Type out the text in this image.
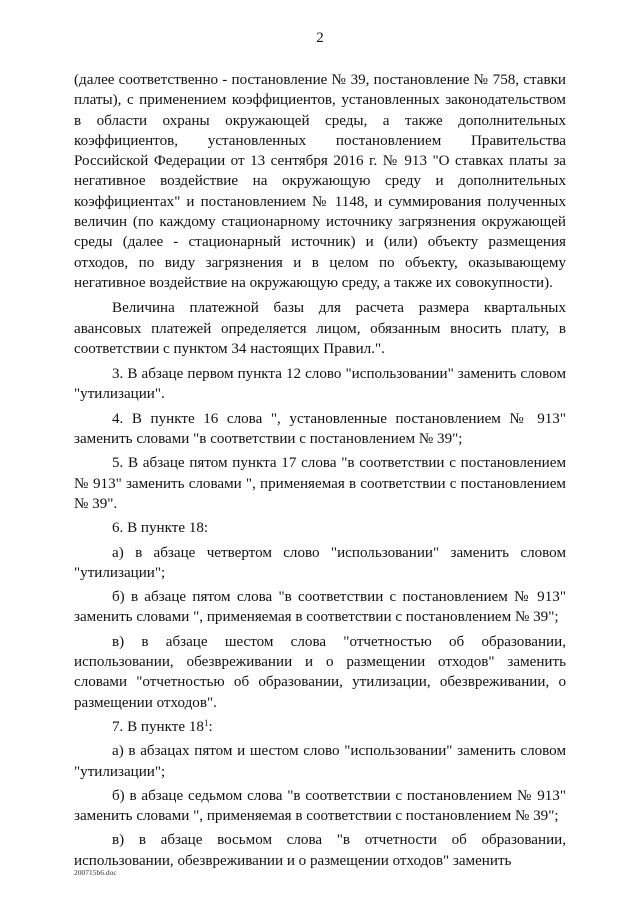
2

(далее соответственно - постановление № 39, постановление № 758, ставки платы), с применением коэффициентов, установленных законодательством в области охраны окружающей среды, а также дополнительных коэффициентов, установленных постановлением Правительства Российской Федерации от 13 сентября 2016 г. № 913 "О ставках платы за негативное воздействие на окружающую среду и дополнительных коэффициентах" и постановлением № 1148, и суммирования полученных величин (по каждому стационарному источнику загрязнения окружающей среды (далее - стационарный источник) и (или) объекту размещения отходов, по виду загрязнения и в целом по объекту, оказывающему негативное воздействие на окружающую среду, а также их совокупности).

Величина платежной базы для расчета размера квартальных авансовых платежей определяется лицом, обязанным вносить плату, в соответствии с пунктом 34 настоящих Правил.".

3. В абзаце первом пункта 12 слово "использовании" заменить словом "утилизации".

4. В пункте 16 слова ", установленные постановлением № 913" заменить словами "в соответствии с постановлением № 39";

5. В абзаце пятом пункта 17 слова "в соответствии с постановлением № 913" заменить словами ", применяемая в соответствии с постановлением № 39".

6. В пункте 18:

а) в абзаце четвертом слово "использовании" заменить словом "утилизации";

б) в абзаце пятом слова "в соответствии с постановлением № 913" заменить словами ", применяемая в соответствии с постановлением № 39";

в) в абзаце шестом слова "отчетностью об образовании, использовании, обезвреживании и о размещении отходов" заменить словами "отчетностью об образовании, утилизации, обезвреживании, о размещении отходов".

7. В пункте $18^1$:

а) в абзацах пятом и шестом слово "использовании" заменить словом "утилизации";

б) в абзаце седьмом слова "в соответствии с постановлением № 913" заменить словами ", применяемая в соответствии с постановлением № 39";

в) в абзаце восьмом слова "в отчетности об образовании, использовании, обезвреживании и о размещении отходов" заменить

200715b6.doc
